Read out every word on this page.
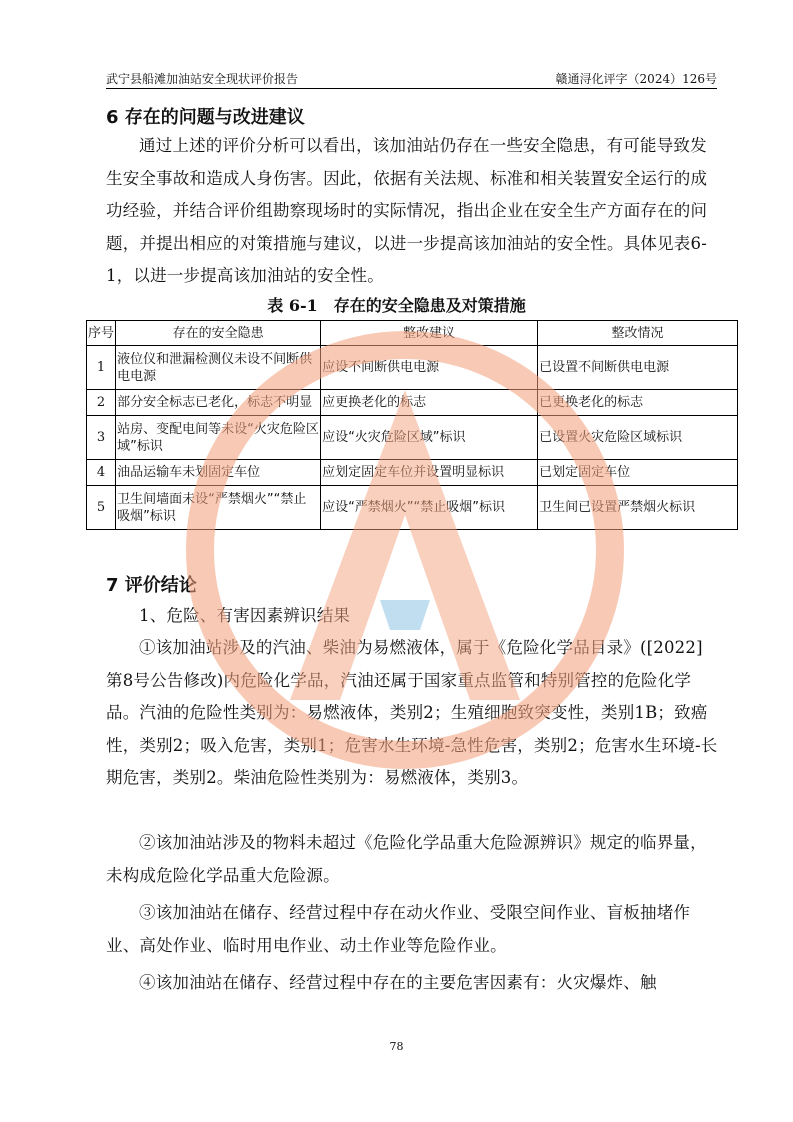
武宁县船滩加油站安全现状评价报告	赣通浔化评字（2024）126号
6 存在的问题与改进建议

通过上述的评价分析可以看出，该加油站仍存在一些安全隐患，有可能导致发生安全事故和造成人身伤害。因此，依据有关法规、标准和相关装置安全运行的成功经验，并结合评价组勘察现场时的实际情况，指出企业在安全生产方面存在的问题，并提出相应的对策措施与建议，以进一步提高该加油站的安全性。具体见表6-1，以进一步提高该加油站的安全性。

表 6-1　存在的安全隐患及对策措施

序号	存在的安全隐患	整改建议	整改情况
1	液位仪和泄漏检测仪未设不间断供电电源	应设不间断供电电源	已设置不间断供电电源
2	部分安全标志已老化，标志不明显	应更换老化的标志	已更换老化的标志
3	站房、变配电间等未设“火灾危险区域”标识	应设“火灾危险区域”标识	已设置火灾危险区域标识
4	油品运输车未划固定车位	应划定固定车位并设置明显标识	已划定固定车位
5	卫生间墙面未设“严禁烟火”“禁止吸烟”标识	应设“严禁烟火”“禁止吸烟”标识	卫生间已设置严禁烟火标识
7 评价结论

1、危险、有害因素辨识结果

①该加油站涉及的汽油、柴油为易燃液体，属于《危险化学品目录》([2022]第8号公告修改)内危险化学品，汽油还属于国家重点监管和特别管控的危险化学品。汽油的危险性类别为：易燃液体，类别2；生殖细胞致突变性，类别1B；致癌性，类别2；吸入危害，类别1；危害水生环境-急性危害，类别2；危害水生环境-长期危害，类别2。柴油危险性类别为：易燃液体，类别3。

②该加油站涉及的物料未超过《危险化学品重大危险源辨识》规定的临界量，未构成危险化学品重大危险源。

③该加油站在储存、经营过程中存在动火作业、受限空间作业、盲板抽堵作业、高处作业、临时用电作业、动土作业等危险作业。

④该加油站在储存、经营过程中存在的主要危害因素有：火灾爆炸、触

78
